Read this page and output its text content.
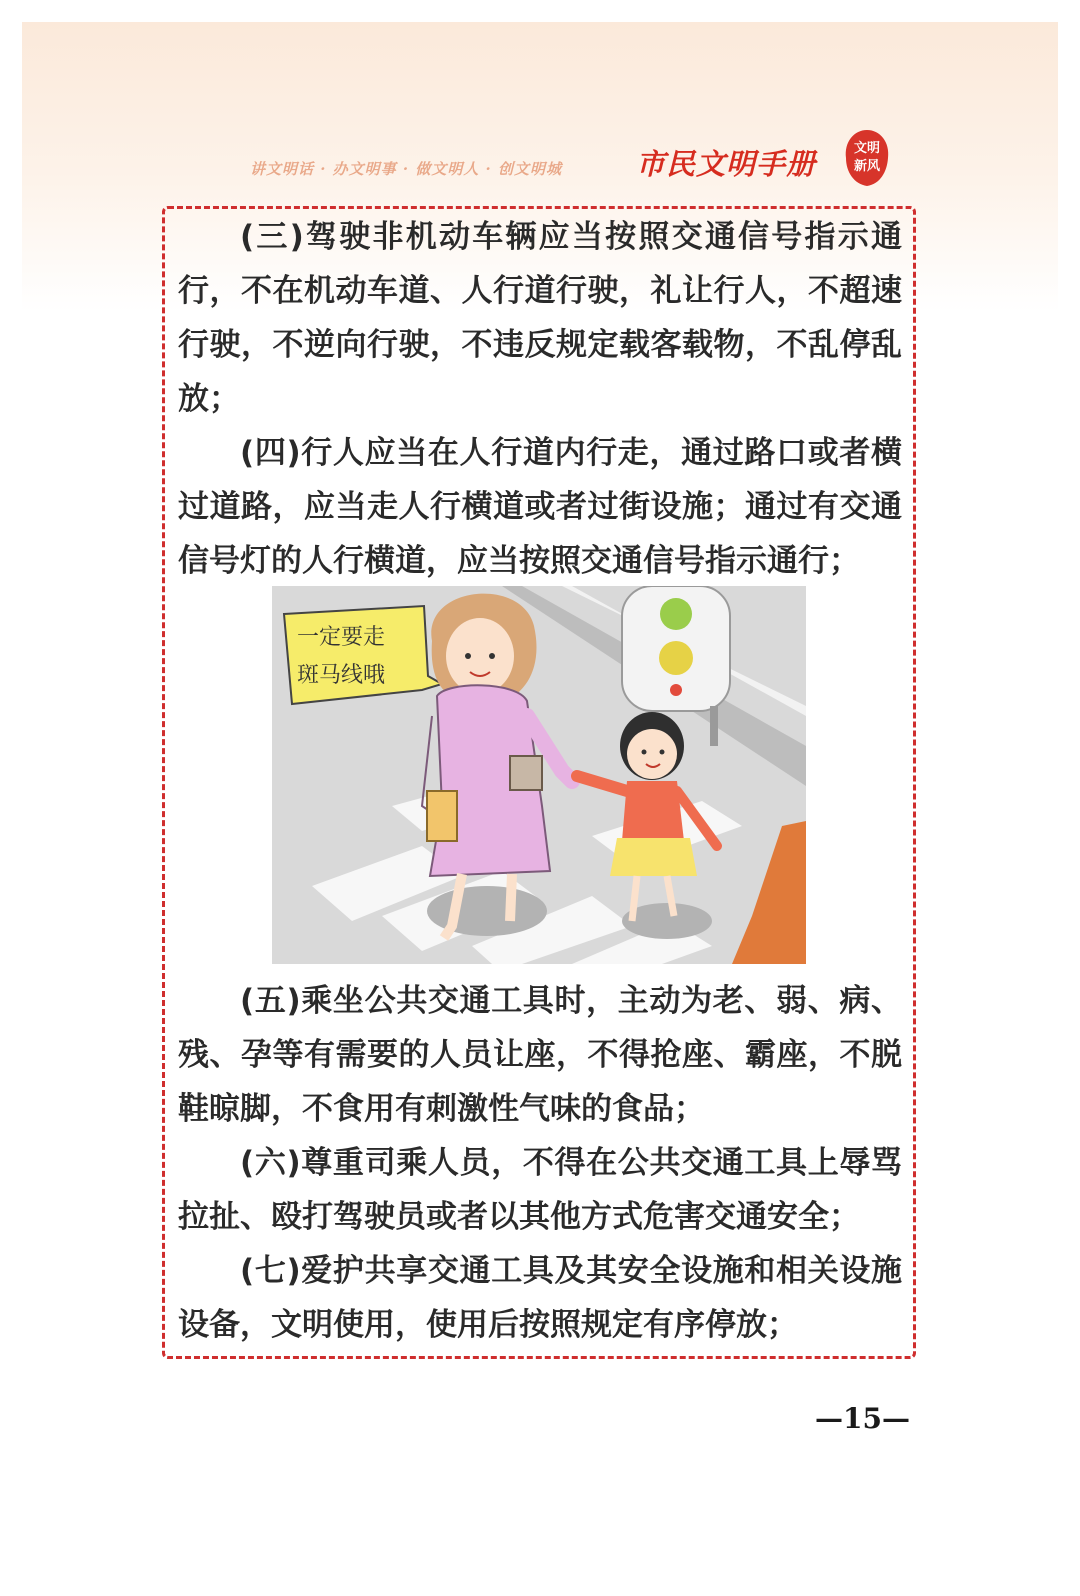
讲文明话 · 办文明事 · 做文明人 · 创文明城	市民文明手册	文明
新风

(三)驾驶非机动车辆应当按照交通信号指示通行，不在机动车道、人行道行驶，礼让行人，不超速行驶，不逆向行驶，不违反规定载客载物，不乱停乱放；

(四)行人应当在人行道内行走，通过路口或者横过道路，应当走人行横道或者过街设施；通过有交通信号灯的人行横道，应当按照交通信号指示通行；

一定要走
斑马线哦

(五)乘坐公共交通工具时，主动为老、弱、病、残、孕等有需要的人员让座，不得抢座、霸座，不脱鞋晾脚，不食用有刺激性气味的食品；

(六)尊重司乘人员，不得在公共交通工具上辱骂拉扯、殴打驾驶员或者以其他方式危害交通安全；

(七)爱护共享交通工具及其安全设施和相关设施设备，文明使用，使用后按照规定有序停放；

—15—
